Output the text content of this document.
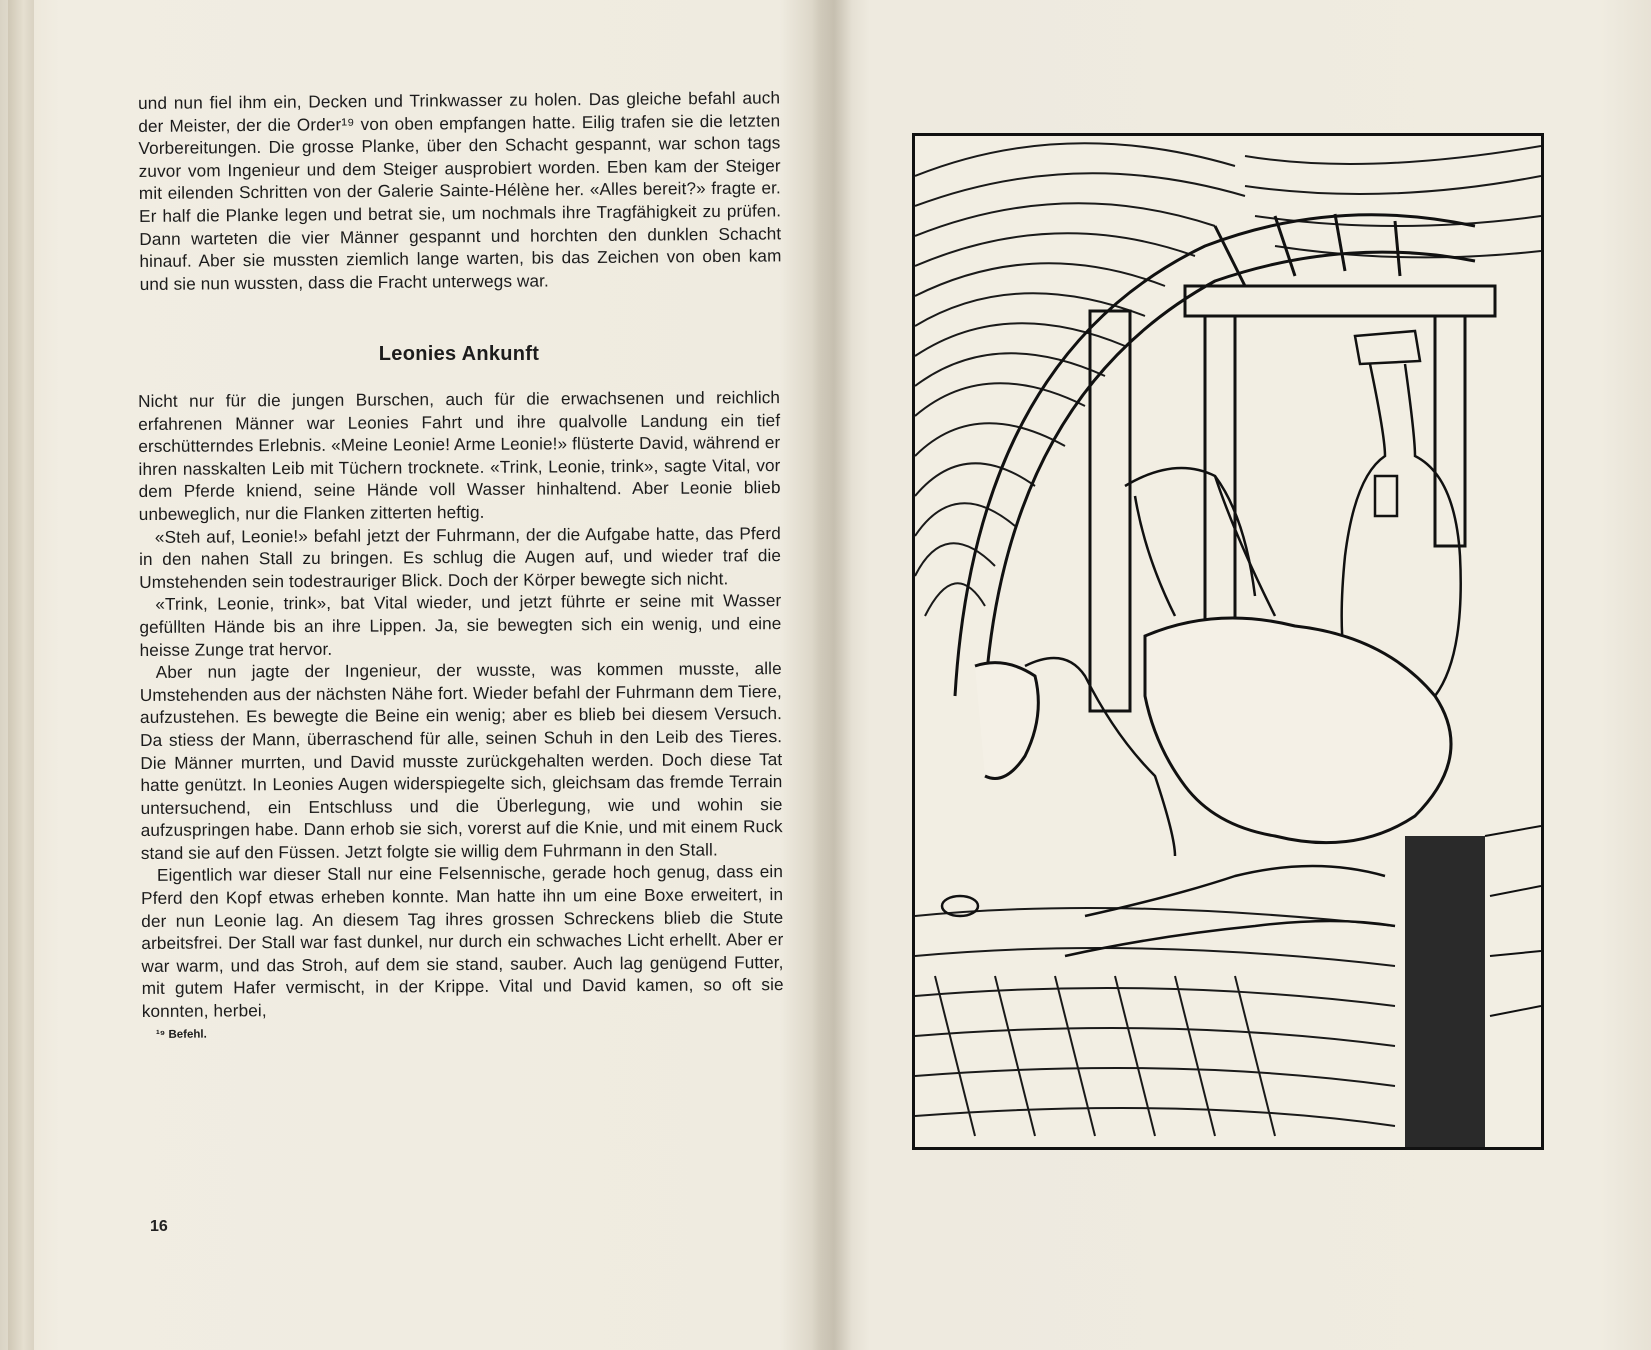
und nun fiel ihm ein, Decken und Trinkwasser zu holen. Das gleiche befahl auch der Meister, der die Order¹⁹ von oben empfangen hatte. Eilig trafen sie die letzten Vorbereitungen. Die grosse Planke, über den Schacht gespannt, war schon tags zuvor vom Ingenieur und dem Steiger ausprobiert worden. Eben kam der Steiger mit eilenden Schritten von der Galerie Sainte-Hélène her. «Alles bereit?» fragte er. Er half die Planke legen und betrat sie, um nochmals ihre Tragfähigkeit zu prüfen. Dann warteten die vier Männer gespannt und horchten den dunklen Schacht hinauf. Aber sie mussten ziemlich lange warten, bis das Zeichen von oben kam und sie nun wussten, dass die Fracht unterwegs war.

Leonies Ankunft

Nicht nur für die jungen Burschen, auch für die erwachsenen und reichlich erfahrenen Männer war Leonies Fahrt und ihre qualvolle Landung ein tief erschütterndes Erlebnis. «Meine Leonie! Arme Leonie!» flüsterte David, während er ihren nasskalten Leib mit Tüchern trocknete. «Trink, Leonie, trink», sagte Vital, vor dem Pferde kniend, seine Hände voll Wasser hinhaltend. Aber Leonie blieb unbeweglich, nur die Flanken zitterten heftig.

«Steh auf, Leonie!» befahl jetzt der Fuhrmann, der die Aufgabe hatte, das Pferd in den nahen Stall zu bringen. Es schlug die Augen auf, und wieder traf die Umstehenden sein todestrauriger Blick. Doch der Körper bewegte sich nicht.

«Trink, Leonie, trink», bat Vital wieder, und jetzt führte er seine mit Wasser gefüllten Hände bis an ihre Lippen. Ja, sie bewegten sich ein wenig, und eine heisse Zunge trat hervor.

Aber nun jagte der Ingenieur, der wusste, was kommen musste, alle Umstehenden aus der nächsten Nähe fort. Wieder befahl der Fuhrmann dem Tiere, aufzustehen. Es bewegte die Beine ein wenig; aber es blieb bei diesem Versuch. Da stiess der Mann, überraschend für alle, seinen Schuh in den Leib des Tieres. Die Männer murrten, und David musste zurückgehalten werden. Doch diese Tat hatte genützt. In Leonies Augen widerspiegelte sich, gleichsam das fremde Terrain untersuchend, ein Entschluss und die Überlegung, wie und wohin sie aufzuspringen habe. Dann erhob sie sich, vorerst auf die Knie, und mit einem Ruck stand sie auf den Füssen. Jetzt folgte sie willig dem Fuhrmann in den Stall.

Eigentlich war dieser Stall nur eine Felsennische, gerade hoch genug, dass ein Pferd den Kopf etwas erheben konnte. Man hatte ihn um eine Boxe erweitert, in der nun Leonie lag. An diesem Tag ihres grossen Schreckens blieb die Stute arbeitsfrei. Der Stall war fast dunkel, nur durch ein schwaches Licht erhellt. Aber er war warm, und das Stroh, auf dem sie stand, sauber. Auch lag genügend Futter, mit gutem Hafer vermischt, in der Krippe. Vital und David kamen, so oft sie konnten, herbei,

¹⁹ Befehl.
16
